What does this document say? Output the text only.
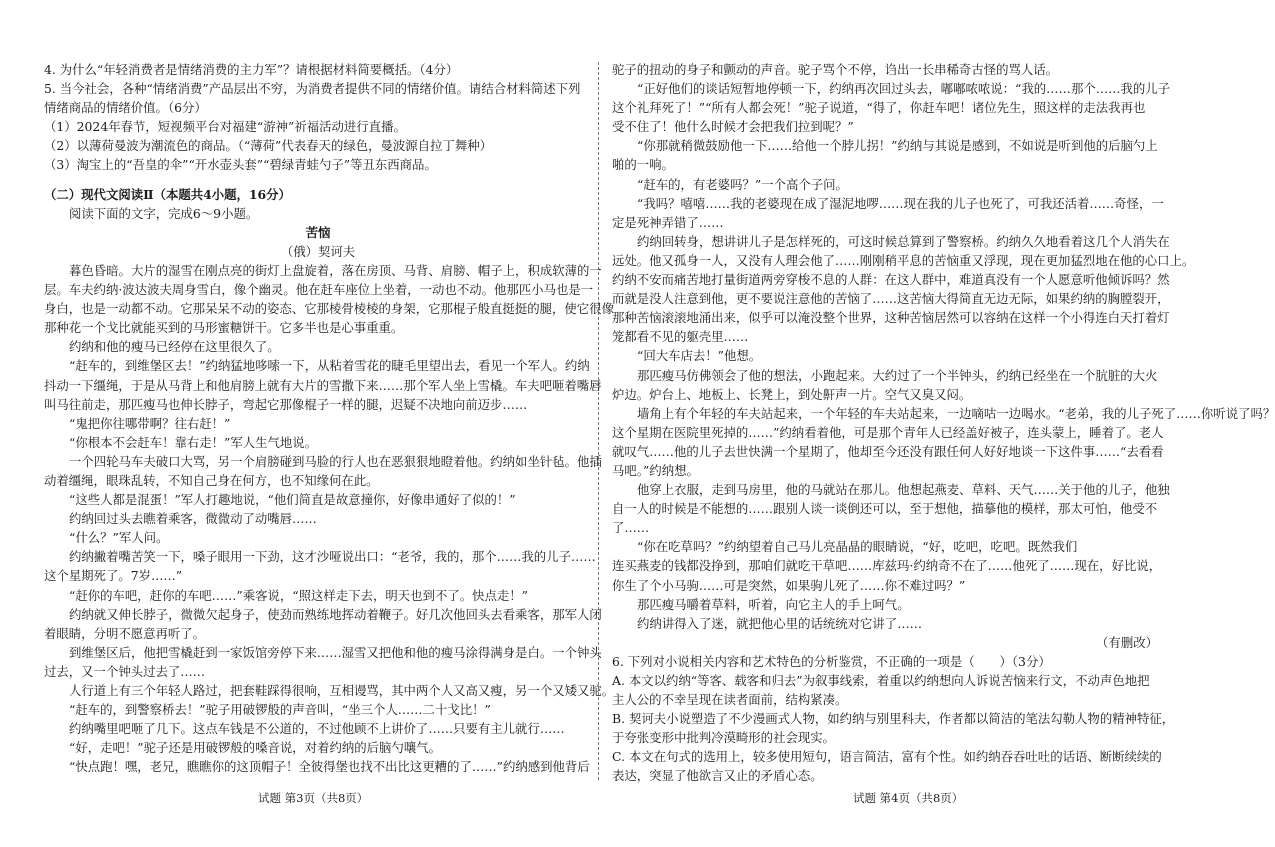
4. 为什么“年轻消费者是情绪消费的主力军”？请根据材料简要概括。（4分）

5. 当今社会，各种“情绪消费”产品层出不穷，为消费者提供不同的情绪价值。请结合材料简述下列

情绪商品的情绪价值。（6分）

（1）2024年春节，短视频平台对福建“游神”祈福活动进行直播。

（2）以薄荷曼波为潮流色的商品。（“薄荷”代表春天的绿色，曼波源自拉丁舞种）

（3）淘宝上的“吾皇的伞”“开水壶头套”“碧绿青蛙勺子”等丑东西商品。

（二）现代文阅读Ⅱ（本题共4小题，16分）

阅读下面的文字，完成6～9小题。

苦恼

（俄）契诃夫

暮色昏暗。大片的湿雪在刚点亮的街灯上盘旋着，落在房顶、马背、肩膀、帽子上，积成软薄的一

层。车夫约纳·波达波夫周身雪白，像个幽灵。他在赶车座位上坐着，一动也不动。他那匹小马也是一

身白，也是一动都不动。它那呆呆不动的姿态、它那棱骨棱棱的身架，它那棍子般直挺挺的腿，使它很像

那种花一个戈比就能买到的马形蜜糖饼干。它多半也是心事重重。

约纳和他的瘦马已经停在这里很久了。

“赶车的，到维堡区去！”约纳猛地哆嗦一下，从粘着雪花的睫毛里望出去，看见一个军人。约纳

抖动一下缰绳，于是从马背上和他肩膀上就有大片的雪撒下来……那个军人坐上雪橇。车夫吧咂着嘴唇

叫马往前走，那匹瘦马也伸长脖子，弯起它那像棍子一样的腿，迟疑不决地向前迈步……

“鬼把你往哪带啊？往右赶！”

“你根本不会赶车！靠右走！”军人生气地说。

一个四轮马车夫破口大骂，另一个肩膀碰到马脸的行人也在恶狠狠地瞪着他。约纳如坐针毡。他插

动着缰绳，眼珠乱转，不知自己身在何方，也不知缘何在此。

“这些人都是混蛋！”军人打趣地说，“他们简直是故意撞你，好像串通好了似的！”

约纳回过头去瞧着乘客，微微动了动嘴唇……

“什么？”军人问。

约纳撇着嘴苦笑一下，嗓子眼用一下劲，这才沙哑说出口：“老爷，我的，那个……我的儿子……

这个星期死了。7岁……”

“赶你的车吧，赶你的车吧……”乘客说，“照这样走下去，明天也到不了。快点走！”

约纳就又伸长脖子，微微欠起身子，使劲而熟练地挥动着鞭子。好几次他回头去看乘客，那军人闭

着眼睛，分明不愿意再听了。

到维堡区后，他把雪橇赶到一家饭馆旁停下来……湿雪又把他和他的瘦马涂得满身是白。一个钟头

过去，又一个钟头过去了……

人行道上有三个年轻人路过，把套鞋踩得很响，互相谩骂，其中两个人又高又瘦，另一个又矮又驼。

“赶车的，到警察桥去！”驼子用破锣般的声音叫，“坐三个人……二十戈比！”

约纳嘴里吧咂了几下。这点车钱是不公道的，不过他顾不上讲价了……只要有主儿就行……

“好，走吧！”驼子还是用破锣般的嗓音说，对着约纳的后脑勺嚷气。

“快点跑！嘿，老兄，瞧瞧你的这顶帽子！全彼得堡也找不出比这更糟的了……”约纳感到他背后

驼子的扭动的身子和颤动的声音。驼子骂个不停，诌出一长串稀奇古怪的骂人话。

“正好他们的谈话短暂地停顿一下，约纳再次回过头去，嘟嘟哝哝说：“我的……那个……我的儿子

这个礼拜死了！”“所有人都会死！”驼子说道，“得了，你赶车吧！诸位先生，照这样的走法我再也

受不住了！他什么时候才会把我们拉到呢？”

“你那就稍微鼓励他一下……给他一个脖儿拐！”约纳与其说是感到，不如说是听到他的后脑勺上

啪的一响。

“赶车的，有老婆吗？”一个高个子问。

“我吗？嘻嘻……我的老婆现在成了湿泥地啰……现在我的儿子也死了，可我还活着……奇怪，一

定是死神弄错了……

约纳回转身，想讲讲儿子是怎样死的，可这时候总算到了警察桥。约纳久久地看着这几个人消失在

远处。他又孤身一人，又没有人理会他了……刚刚稍平息的苦恼重又浮现，现在更加猛烈地在他的心口上。

约纳不安而痛苦地打量街道两旁穿梭不息的人群：在这人群中，难道真没有一个人愿意听他倾诉吗？然

而就是没人注意到他，更不要说注意他的苦恼了……这苦恼大得简直无边无际，如果约纳的胸膛裂开，

那种苦恼滚滚地涌出来，似乎可以淹没整个世界，这种苦恼居然可以容纳在这样一个小得连白天打着灯

笼都看不见的躯壳里……

“回大车店去！”他想。

那匹瘦马仿佛领会了他的想法，小跑起来。大约过了一个半钟头，约纳已经坐在一个肮脏的大火

炉边。炉台上、地板上、长凳上，到处鼾声一片。空气又臭又闷。

墙角上有个年轻的车夫站起来，一个年轻的车夫站起来，一边嘀咕一边喝水。“老弟，我的儿子死了……你听说了吗？

这个星期在医院里死掉的……”约纳看着他，可是那个青年人已经盖好被子，连头蒙上，睡着了。老人

就叹气……他的儿子去世快满一个星期了，他却至今还没有跟任何人好好地谈一下这件事……“去看看

马吧。”约纳想。

他穿上衣服，走到马房里，他的马就站在那儿。他想起燕麦、草料、天气……关于他的儿子，他独

自一人的时候是不能想的……跟别人谈一谈倒还可以，至于想他，描摹他的模样，那太可怕，他受不

了……

“你在吃草吗？”约纳望着自己马儿亮晶晶的眼睛说，“好，吃吧，吃吧。既然我们

连买燕麦的钱都没挣到，那咱们就吃干草吧……库兹玛·约纳奇不在了……他死了……现在，好比说，

你生了个小马驹……可是突然，如果驹儿死了……你不难过吗？”

那匹瘦马嚼着草料，听着，向它主人的手上呵气。

约纳讲得入了迷，就把他心里的话统统对它讲了……

（有删改）

6. 下列对小说相关内容和艺术特色的分析鉴赏，不正确的一项是（　　）（3分）

A. 本文以约纳“等客、载客和归去”为叙事线索，着重以约纳想向人诉说苦恼来行文，不动声色地把

主人公的不幸呈现在读者面前，结构紧凑。

B. 契诃夫小说塑造了不少漫画式人物，如约纳与别里科夫，作者都以简洁的笔法勾勒人物的精神特征，

于夸张变形中批判冷漠畸形的社会现实。

C. 本文在句式的选用上，较多使用短句，语言简洁，富有个性。如约纳吞吞吐吐的话语、断断续续的

表达，突显了他欲言又止的矛盾心态。

试题 第3页（共8页）	试题 第4页（共8页）
